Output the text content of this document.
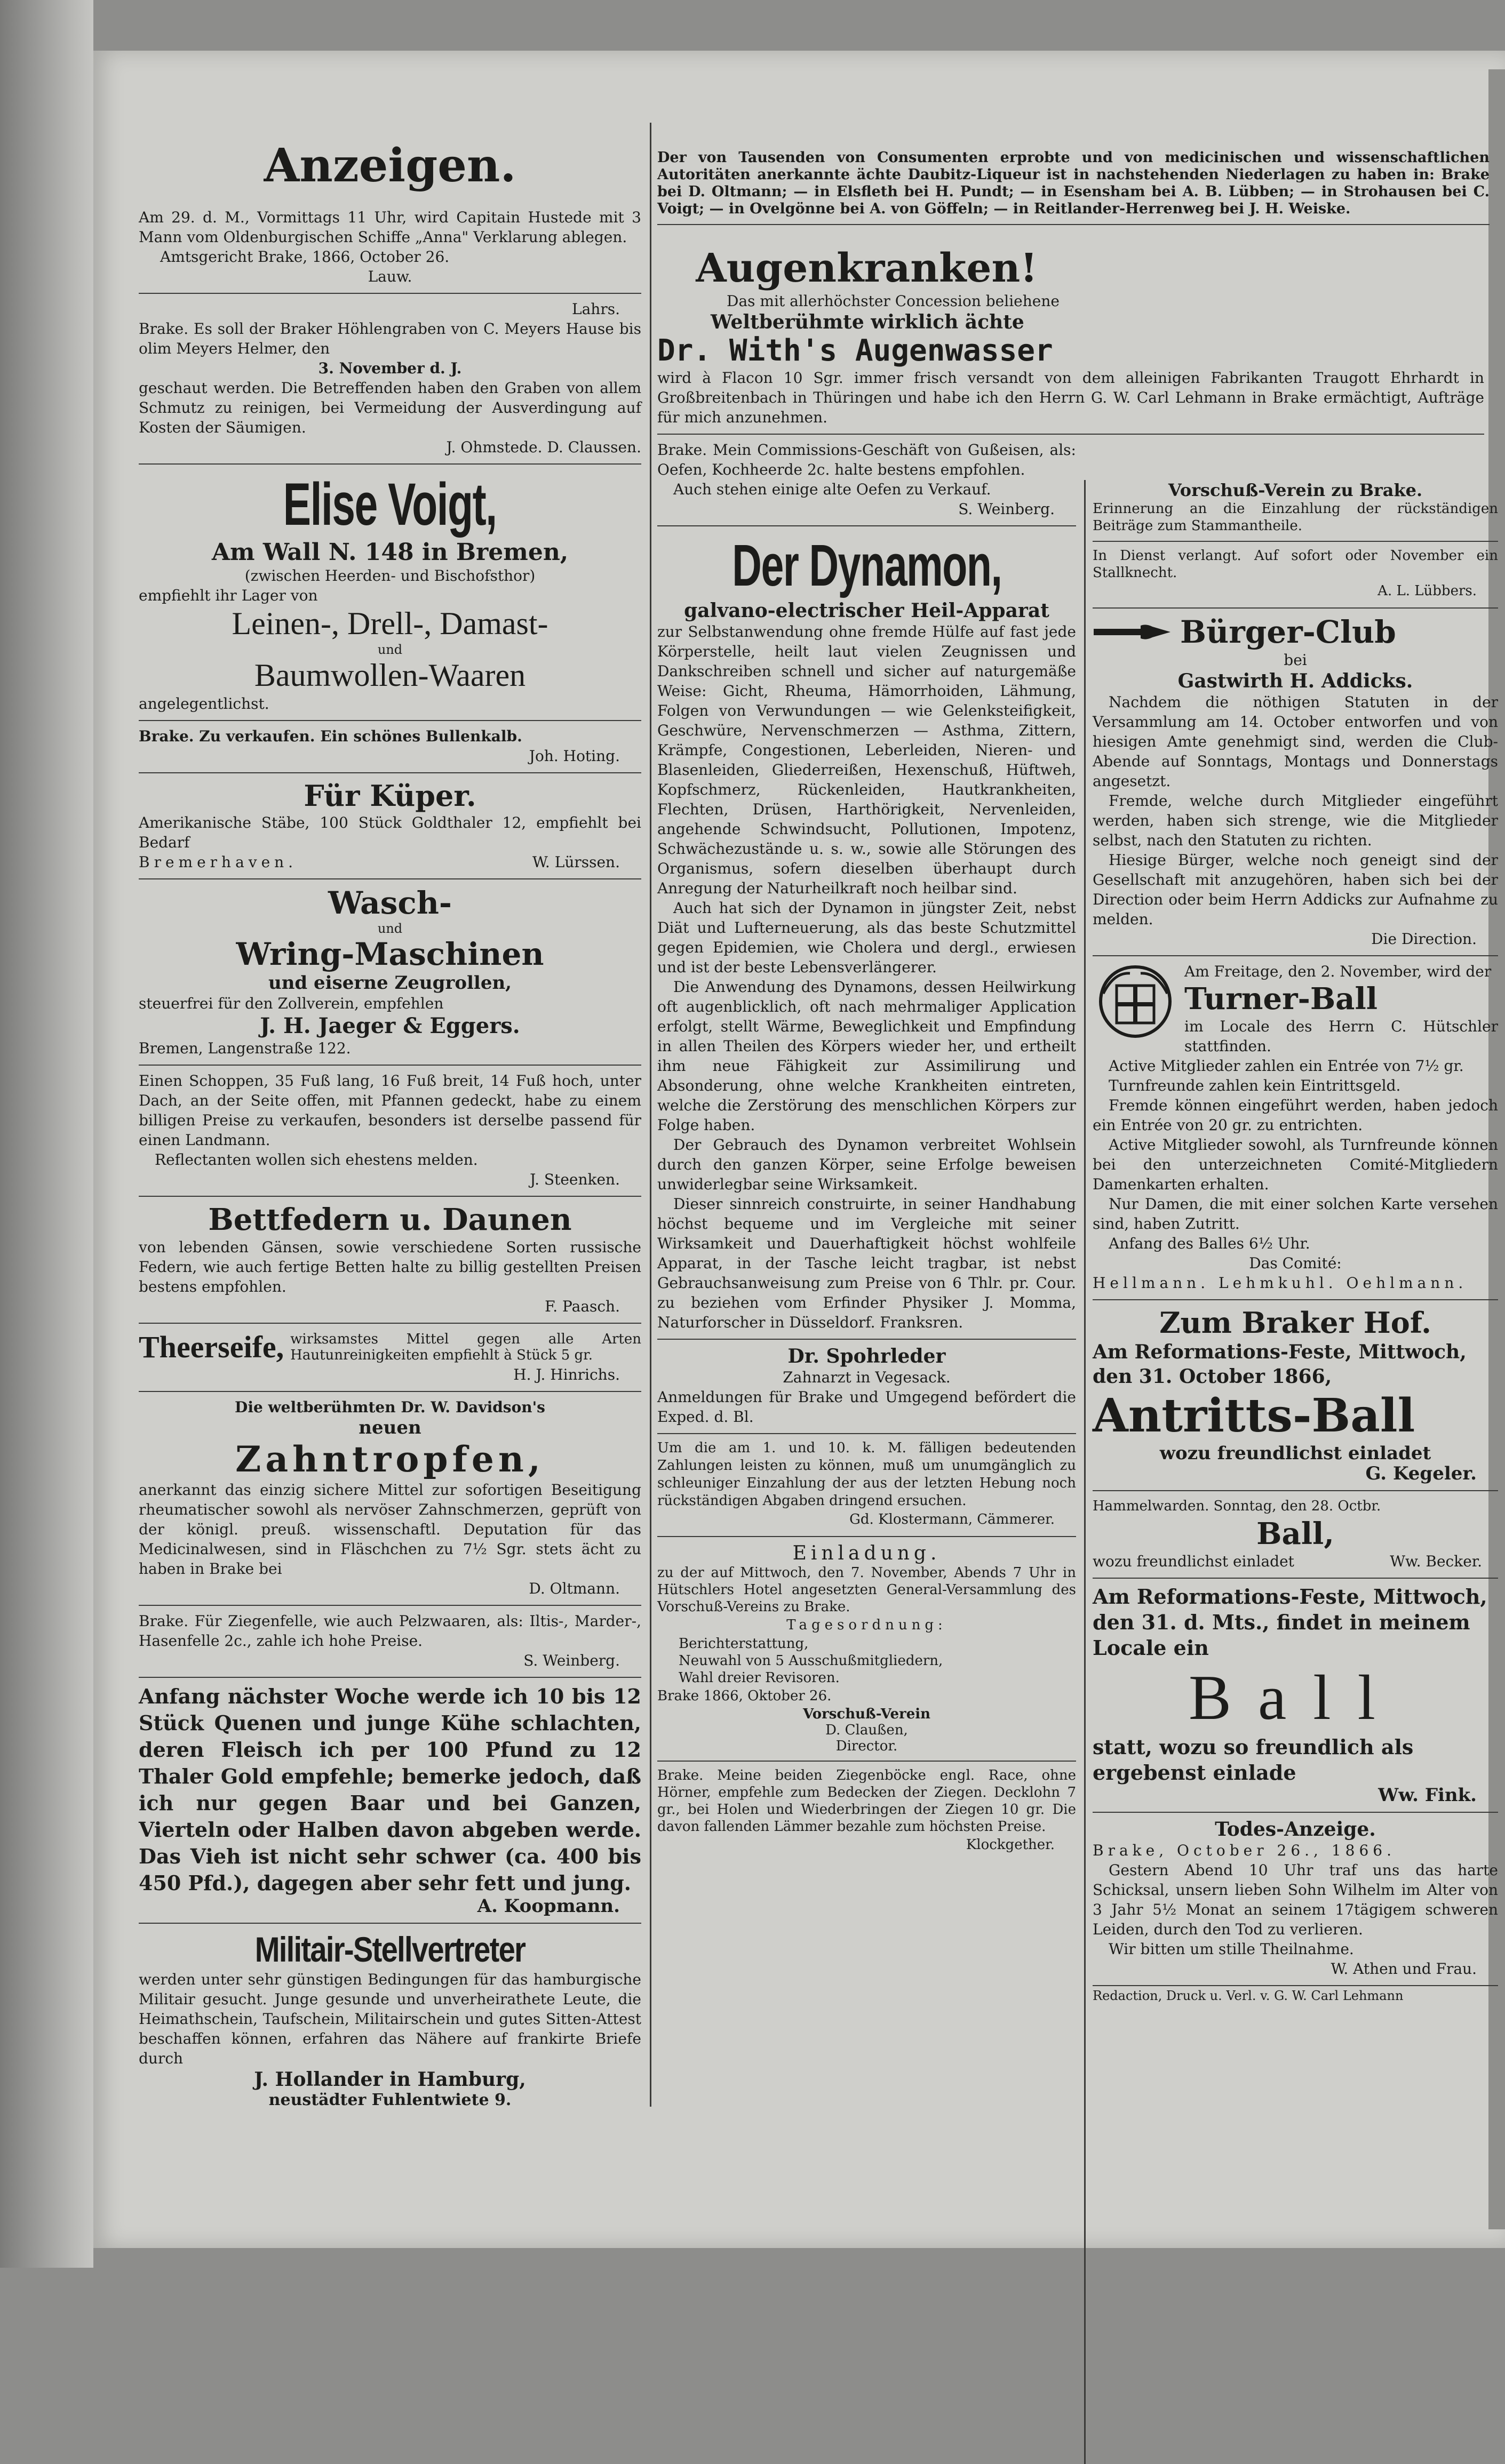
Anzeigen.

Am 29. d. M., Vormittags 11 Uhr, wird Capitain Hustede mit 3 Mann vom Oldenburgischen Schiffe „Anna" Verklarung ablegen.

Amtsgericht Brake, 1866, October 26.

Lauw.

Lahrs.

Brake. Es soll der Braker Höhlengraben von C. Meyers Hause bis olim Meyers Helmer, den

3. November d. J.

geschaut werden. Die Betreffenden haben den Graben von allem Schmutz zu reinigen, bei Vermeidung der Ausverdingung auf Kosten der Säumigen.

J. Ohmstede. D. Claussen.

Elise Voigt,

Am Wall N. 148 in Bremen,

(zwischen Heerden- und Bischofsthor)

empfiehlt ihr Lager von

Leinen-, Drell-, Damast-

und

Baumwollen-Waaren

angelegentlichst.

Brake. Zu verkaufen. Ein schönes Bullenkalb.

Joh. Hoting.

Für Küper.

Amerikanische Stäbe, 100 Stück Goldthaler 12, empfiehlt bei Bedarf

Bremerhaven.	W. Lürssen.

Wasch-

und

Wring-Maschinen

und eiserne Zeugrollen,

steuerfrei für den Zollverein, empfehlen

J. H. Jaeger & Eggers.

Bremen, Langenstraße 122.

Einen Schoppen, 35 Fuß lang, 16 Fuß breit, 14 Fuß hoch, unter Dach, an der Seite offen, mit Pfannen gedeckt, habe zu einem billigen Preise zu verkaufen, besonders ist derselbe passend für einen Landmann.

Reflectanten wollen sich ehestens melden.

J. Steenken.

Bettfedern u. Daunen

von lebenden Gänsen, sowie verschiedene Sorten russische Federn, wie auch fertige Betten halte zu billig gestellten Preisen bestens empfohlen.

F. Paasch.

Theerseife, wirksamstes Mittel gegen alle Arten Hautunreinigkeiten empfiehlt à Stück 5 gr.

H. J. Hinrichs.

Die weltberühmten Dr. W. Davidson's

neuen

Zahntropfen,

anerkannt das einzig sichere Mittel zur sofortigen Beseitigung rheumatischer sowohl als nervöser Zahnschmerzen, geprüft von der königl. preuß. wissenschaftl. Deputation für das Medicinalwesen, sind in Fläschchen zu 7½ Sgr. stets ächt zu haben in Brake bei

D. Oltmann.

Brake. Für Ziegenfelle, wie auch Pelzwaaren, als: Iltis-, Marder-, Hasenfelle 2c., zahle ich hohe Preise.

S. Weinberg.

Anfang nächster Woche werde ich 10 bis 12 Stück Quenen und junge Kühe schlachten, deren Fleisch ich per 100 Pfund zu 12 Thaler Gold empfehle; bemerke jedoch, daß ich nur gegen Baar und bei Ganzen, Vierteln oder Halben davon abgeben werde. Das Vieh ist nicht sehr schwer (ca. 400 bis 450 Pfd.), dagegen aber sehr fett und jung.

A. Koopmann.

Militair-Stellvertreter

werden unter sehr günstigen Bedingungen für das hamburgische Militair gesucht. Junge gesunde und unverheirathete Leute, die Heimathschein, Taufschein, Militairschein und gutes Sitten-Attest beschaffen können, erfahren das Nähere auf frankirte Briefe durch

J. Hollander in Hamburg,

neustädter Fuhlentwiete 9.

Der von Tausenden von Consumenten erprobte und von medicinischen und wissenschaftlichen Autoritäten anerkannte ächte Daubitz-Liqueur ist in nachstehenden Niederlagen zu haben in: Brake bei D. Oltmann; — in Elsfleth bei H. Pundt; — in Esensham bei A. B. Lübben; — in Strohausen bei C. Voigt; — in Ovelgönne bei A. von Göffeln; — in Reitlander-Herrenweg bei J. H. Weiske.

Augenkranken!

Das mit allerhöchster Concession beliehene

Weltberühmte wirklich ächte

Dr. With's Augenwasser

wird à Flacon 10 Sgr. immer frisch versandt von dem alleinigen Fabrikanten Traugott Ehrhardt in Großbreitenbach in Thüringen und habe ich den Herrn G. W. Carl Lehmann in Brake ermächtigt, Aufträge für mich anzunehmen.

Brake. Mein Commissions-Geschäft von Gußeisen, als: Oefen, Kochheerde 2c. halte bestens empfohlen.

Auch stehen einige alte Oefen zu Verkauf.

S. Weinberg.

Der Dynamon,

galvano-electrischer Heil-Apparat

zur Selbstanwendung ohne fremde Hülfe auf fast jede Körperstelle, heilt laut vielen Zeugnissen und Dankschreiben schnell und sicher auf naturgemäße Weise: Gicht, Rheuma, Hämorrhoiden, Lähmung, Folgen von Verwundungen — wie Gelenksteifigkeit, Geschwüre, Nervenschmerzen — Asthma, Zittern, Krämpfe, Congestionen, Leberleiden, Nieren- und Blasenleiden, Gliederreißen, Hexenschuß, Hüftweh, Kopfschmerz, Rückenleiden, Hautkrankheiten, Flechten, Drüsen, Harthörigkeit, Nervenleiden, angehende Schwindsucht, Pollutionen, Impotenz, Schwächezustände u. s. w., sowie alle Störungen des Organismus, sofern dieselben überhaupt durch Anregung der Naturheilkraft noch heilbar sind.

Auch hat sich der Dynamon in jüngster Zeit, nebst Diät und Lufterneuerung, als das beste Schutzmittel gegen Epidemien, wie Cholera und dergl., erwiesen und ist der beste Lebensverlängerer.

Die Anwendung des Dynamons, dessen Heilwirkung oft augenblicklich, oft nach mehrmaliger Application erfolgt, stellt Wärme, Beweglichkeit und Empfindung in allen Theilen des Körpers wieder her, und ertheilt ihm neue Fähigkeit zur Assimilirung und Absonderung, ohne welche Krankheiten eintreten, welche die Zerstörung des menschlichen Körpers zur Folge haben.

Der Gebrauch des Dynamon verbreitet Wohlsein durch den ganzen Körper, seine Erfolge beweisen unwiderlegbar seine Wirksamkeit.

Dieser sinnreich construirte, in seiner Handhabung höchst bequeme und im Vergleiche mit seiner Wirksamkeit und Dauerhaftigkeit höchst wohlfeile Apparat, in der Tasche leicht tragbar, ist nebst Gebrauchsanweisung zum Preise von 6 Thlr. pr. Cour. zu beziehen vom Erfinder Physiker J. Momma, Naturforscher in Düsseldorf. Franksren.

Dr. Spohrleder

Zahnarzt in Vegesack.

Anmeldungen für Brake und Umgegend befördert die Exped. d. Bl.

Um die am 1. und 10. k. M. fälligen bedeutenden Zahlungen leisten zu können, muß um unumgänglich zu schleuniger Einzahlung der aus der letzten Hebung noch rückständigen Abgaben dringend ersuchen.

Gd. Klostermann, Cämmerer.

Einladung.

zu der auf Mittwoch, den 7. November, Abends 7 Uhr in Hütschlers Hotel angesetzten General-Versammlung des Vorschuß-Vereins zu Brake.

Tagesordnung:

Berichterstattung,

Neuwahl von 5 Ausschußmitgliedern,

Wahl dreier Revisoren.

Brake 1866, Oktober 26.

Vorschuß-Verein

D. Claußen,

Director.

Brake. Meine beiden Ziegenböcke engl. Race, ohne Hörner, empfehle zum Bedecken der Ziegen. Decklohn 7 gr., bei Holen und Wiederbringen der Ziegen 10 gr. Die davon fallenden Lämmer bezahle zum höchsten Preise.

Klockgether.

Vorschuß-Verein zu Brake.

Erinnerung an die Einzahlung der rückständigen Beiträge zum Stammantheile.

In Dienst verlangt. Auf sofort oder November ein Stallknecht.

A. L. Lübbers.

Bürger-Club

bei

Gastwirth H. Addicks.

Nachdem die nöthigen Statuten in der Versammlung am 14. October entworfen und von hiesigen Amte genehmigt sind, werden die Club-Abende auf Sonntags, Montags und Donnerstags angesetzt.

Fremde, welche durch Mitglieder eingeführt werden, haben sich strenge, wie die Mitglieder selbst, nach den Statuten zu richten.

Hiesige Bürger, welche noch geneigt sind der Gesellschaft mit anzugehören, haben sich bei der Direction oder beim Herrn Addicks zur Aufnahme zu melden.

Die Direction.

Am Freitage, den 2. November, wird der

Turner-Ball

im Locale des Herrn C. Hütschler stattfinden.

Active Mitglieder zahlen ein Entrée von 7½ gr.

Turnfreunde zahlen kein Eintrittsgeld.

Fremde können eingeführt werden, haben jedoch ein Entrée von 20 gr. zu entrichten.

Active Mitglieder sowohl, als Turnfreunde können bei den unterzeichneten Comité-Mitgliedern Damenkarten erhalten.

Nur Damen, die mit einer solchen Karte versehen sind, haben Zutritt.

Anfang des Balles 6½ Uhr.

Das Comité:

Hellmann. Lehmkuhl. Oehlmann.

Zum Braker Hof.

Am Reformations-Feste, Mittwoch, den 31. October 1866,

Antritts-Ball

wozu freundlichst einladet

G. Kegeler.

Hammelwarden. Sonntag, den 28. Octbr.

Ball,

wozu freundlichst einladet	Ww. Becker.

Am Reformations-Feste, Mittwoch, den 31. d. Mts., findet in meinem Locale ein

Ball

statt, wozu so freundlich als ergebenst einlade

Ww. Fink.

Todes-Anzeige.

Brake, October 26., 1866.

Gestern Abend 10 Uhr traf uns das harte Schicksal, unsern lieben Sohn Wilhelm im Alter von 3 Jahr 5½ Monat an seinem 17tägigem schweren Leiden, durch den Tod zu verlieren.

Wir bitten um stille Theilnahme.

W. Athen und Frau.

Redaction, Druck u. Verl. v. G. W. Carl Lehmann
